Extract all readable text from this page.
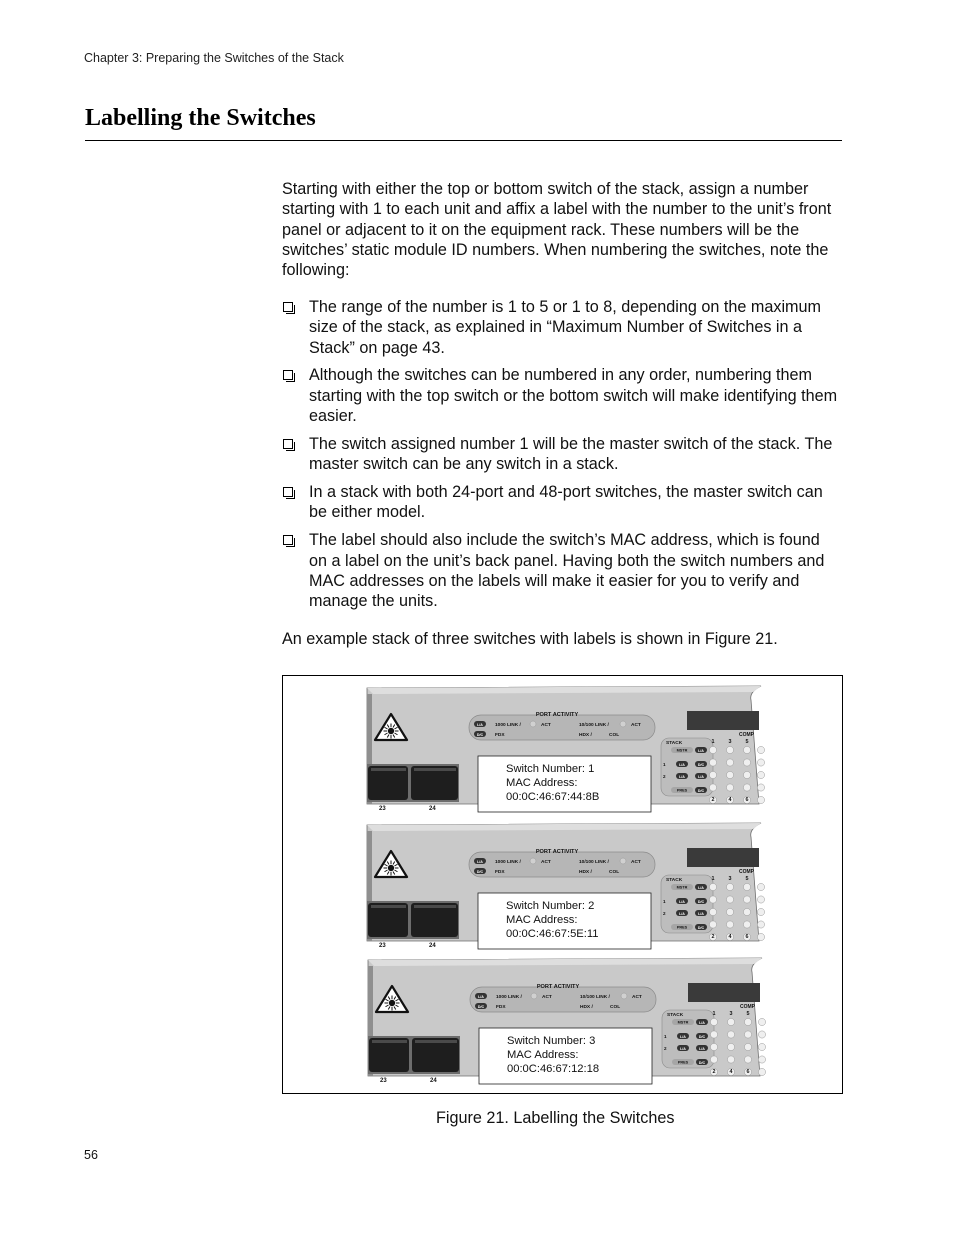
Chapter 3: Preparing the Switches of the Stack
Labelling the Switches

Starting with either the top or bottom switch of the stack, assign a number starting with 1 to each unit and affix a label with the number to the unit’s front panel or adjacent to it on the equipment rack. These numbers will be the switches’ static module ID numbers. When numbering the switches, note the following:

The range of the number is 1 to 5 or 1 to 8, depending on the maximum size of the stack, as explained in “Maximum Number of Switches in a Stack” on page 43.
Although the switches can be numbered in any order, numbering them starting with the top switch or the bottom switch will make identifying them easier.
The switch assigned number 1 will be the master switch of the stack. The master switch can be any switch in a stack.
In a stack with both 24-port and 48-port switches, the master switch can be either model.
The label should also include the switch’s MAC address, which is found on a label on the unit’s back panel. Having both the switch numbers and MAC addresses on the labels will make it easier for you to verify and manage the units.

An example stack of three switches with labels is shown in Figure 21.

PORT ACTIVITY
L/A
D/C
1000 LINK /	ACT
FDX
10/100 LINK /	ACT
HDX /	COL	COMP
STACK
MSTR	L/A
1	L/A	D/C
2	L/A	L/A
PRES	D/C
1	3	5
2	4	6
23	24
Switch Number: 1
MAC Address:
00:0C:46:67:44:8B
PORT ACTIVITY
L/A
D/C
1000 LINK /	ACT
FDX
10/100 LINK /	ACT
HDX /	COL	COMP
STACK
MSTR	L/A
1	L/A	D/C
2	L/A	L/A
PRES	D/C
1	3	5
2	4	6
23	24
Switch Number: 2
MAC Address:
00:0C:46:67:5E:11
PORT ACTIVITY
L/A
D/C
1000 LINK /	ACT
FDX
10/100 LINK /	ACT
HDX /	COL	COMP
STACK
MSTR	L/A
1	L/A	D/C
2	L/A	L/A
PRES	D/C
1	3	5
2	4	6
23	24
Switch Number: 3
MAC Address:
00:0C:46:67:12:18
Figure 21. Labelling the Switches
56
